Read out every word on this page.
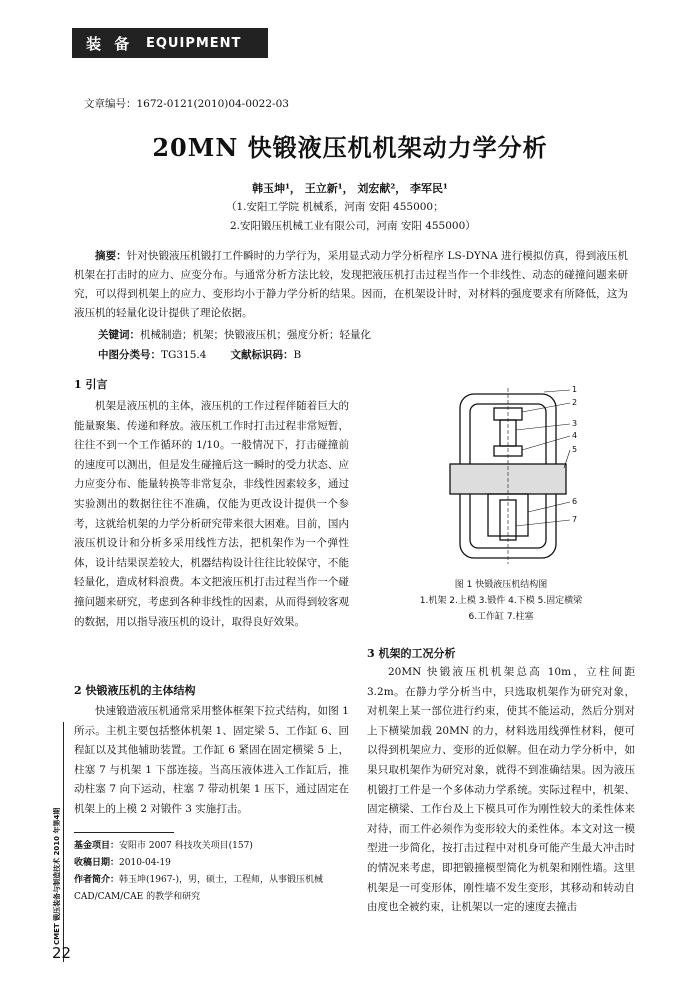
装 备 EQUIPMENT
文章编号：1672-0121(2010)04-0022-03
20MN 快锻液压机机架动力学分析
韩玉坤¹， 王立新¹， 刘宏献²， 李军民¹
（1.安阳工学院 机械系，河南 安阳 455000；
2.安阳锻压机械工业有限公司，河南 安阳 455000）
摘要：针对快锻液压机锻打工件瞬时的力学行为，采用显式动力学分析程序 LS-DYNA 进行模拟仿真，得到液压机机架在打击时的应力、应变分布。与通常分析方法比较，发现把液压机打击过程当作一个非线性、动态的碰撞问题来研究，可以得到机架上的应力、变形均小于静力学分析的结果。因而，在机架设计时，对材料的强度要求有所降低，这为液压机的轻量化设计提供了理论依据。
关键词：机械制造；机架；快锻液压机；强度分析；轻量化
中图分类号：TG315.4 文献标识码：B
1 引言
机架是液压机的主体，液压机的工作过程伴随着巨大的能量聚集、传递和释放。液压机工作时打击过程非常短暂，往往不到一个工作循环的 1/10。一般情况下，打击碰撞前的速度可以测出，但是发生碰撞后这一瞬时的受力状态、应力应变分布、能量转换等非常复杂，非线性因素较多，通过实验测出的数据往往不准确，仅能为更改设计提供一个参考，这就给机架的力学分析研究带来很大困难。目前，国内液压机设计和分析多采用线性方法，把机架作为一个弹性体，设计结果误差较大，机器结构设计往往比较保守，不能轻量化，造成材料浪费。本文把液压机打击过程当作一个碰撞问题来研究，考虑到各种非线性的因素，从而得到较客观的数据，用以指导液压机的设计，取得良好效果。
2 快锻液压机的主体结构
快速锻造液压机通常采用整体框架下拉式结构，如图 1 所示。主机主要包括整体机架 1、固定梁 5、工作缸 6、回程缸以及其他辅助装置。工作缸 6 紧固在固定横梁 5 上，柱塞 7 与机架 1 下部连接。当高压液体进入工作缸后，推动柱塞 7 向下运动，柱塞 7 带动机架 1 压下，通过固定在机架上的上模 2 对锻件 3 实施打击。
基金项目：安阳市 2007 科技攻关项目(157)
收稿日期：2010-04-19
作者简介：韩玉坤(1967-)，男，硕士，工程师，从事锻压机械 CAD/CAM/CAE 的教学和研究
CMET 锻压装备与制造技术 2010 年第4期
22
1
2
3
4
5
6
7
图 1 快锻液压机结构图
1.机架 2.上模 3.锻件 4.下模 5.固定横梁
6.工作缸 7.柱塞
3 机架的工况分析
20MN 快锻液压机机架总高 10m，立柱间距 3.2m。在静力学分析当中，只选取机架作为研究对象，对机架上某一部位进行约束，使其不能运动，然后分别对上下横梁加载 20MN 的力，材料选用线弹性材料，便可以得到机架应力、变形的近似解。但在动力学分析中，如果只取机架作为研究对象，就得不到准确结果。因为液压机锻打工件是一个多体动力学系统。实际过程中，机架、固定横梁、工作台及上下模具可作为刚性较大的柔性体来对待，而工件必须作为变形较大的柔性体。本文对这一模型进一步简化，按打击过程中对机身可能产生最大冲击时的情况来考虑，即把锻撞模型简化为机架和刚性墙。这里机架是一可变形体，刚性墙不发生变形，其移动和转动自由度也全被约束，让机架以一定的速度去撞击
